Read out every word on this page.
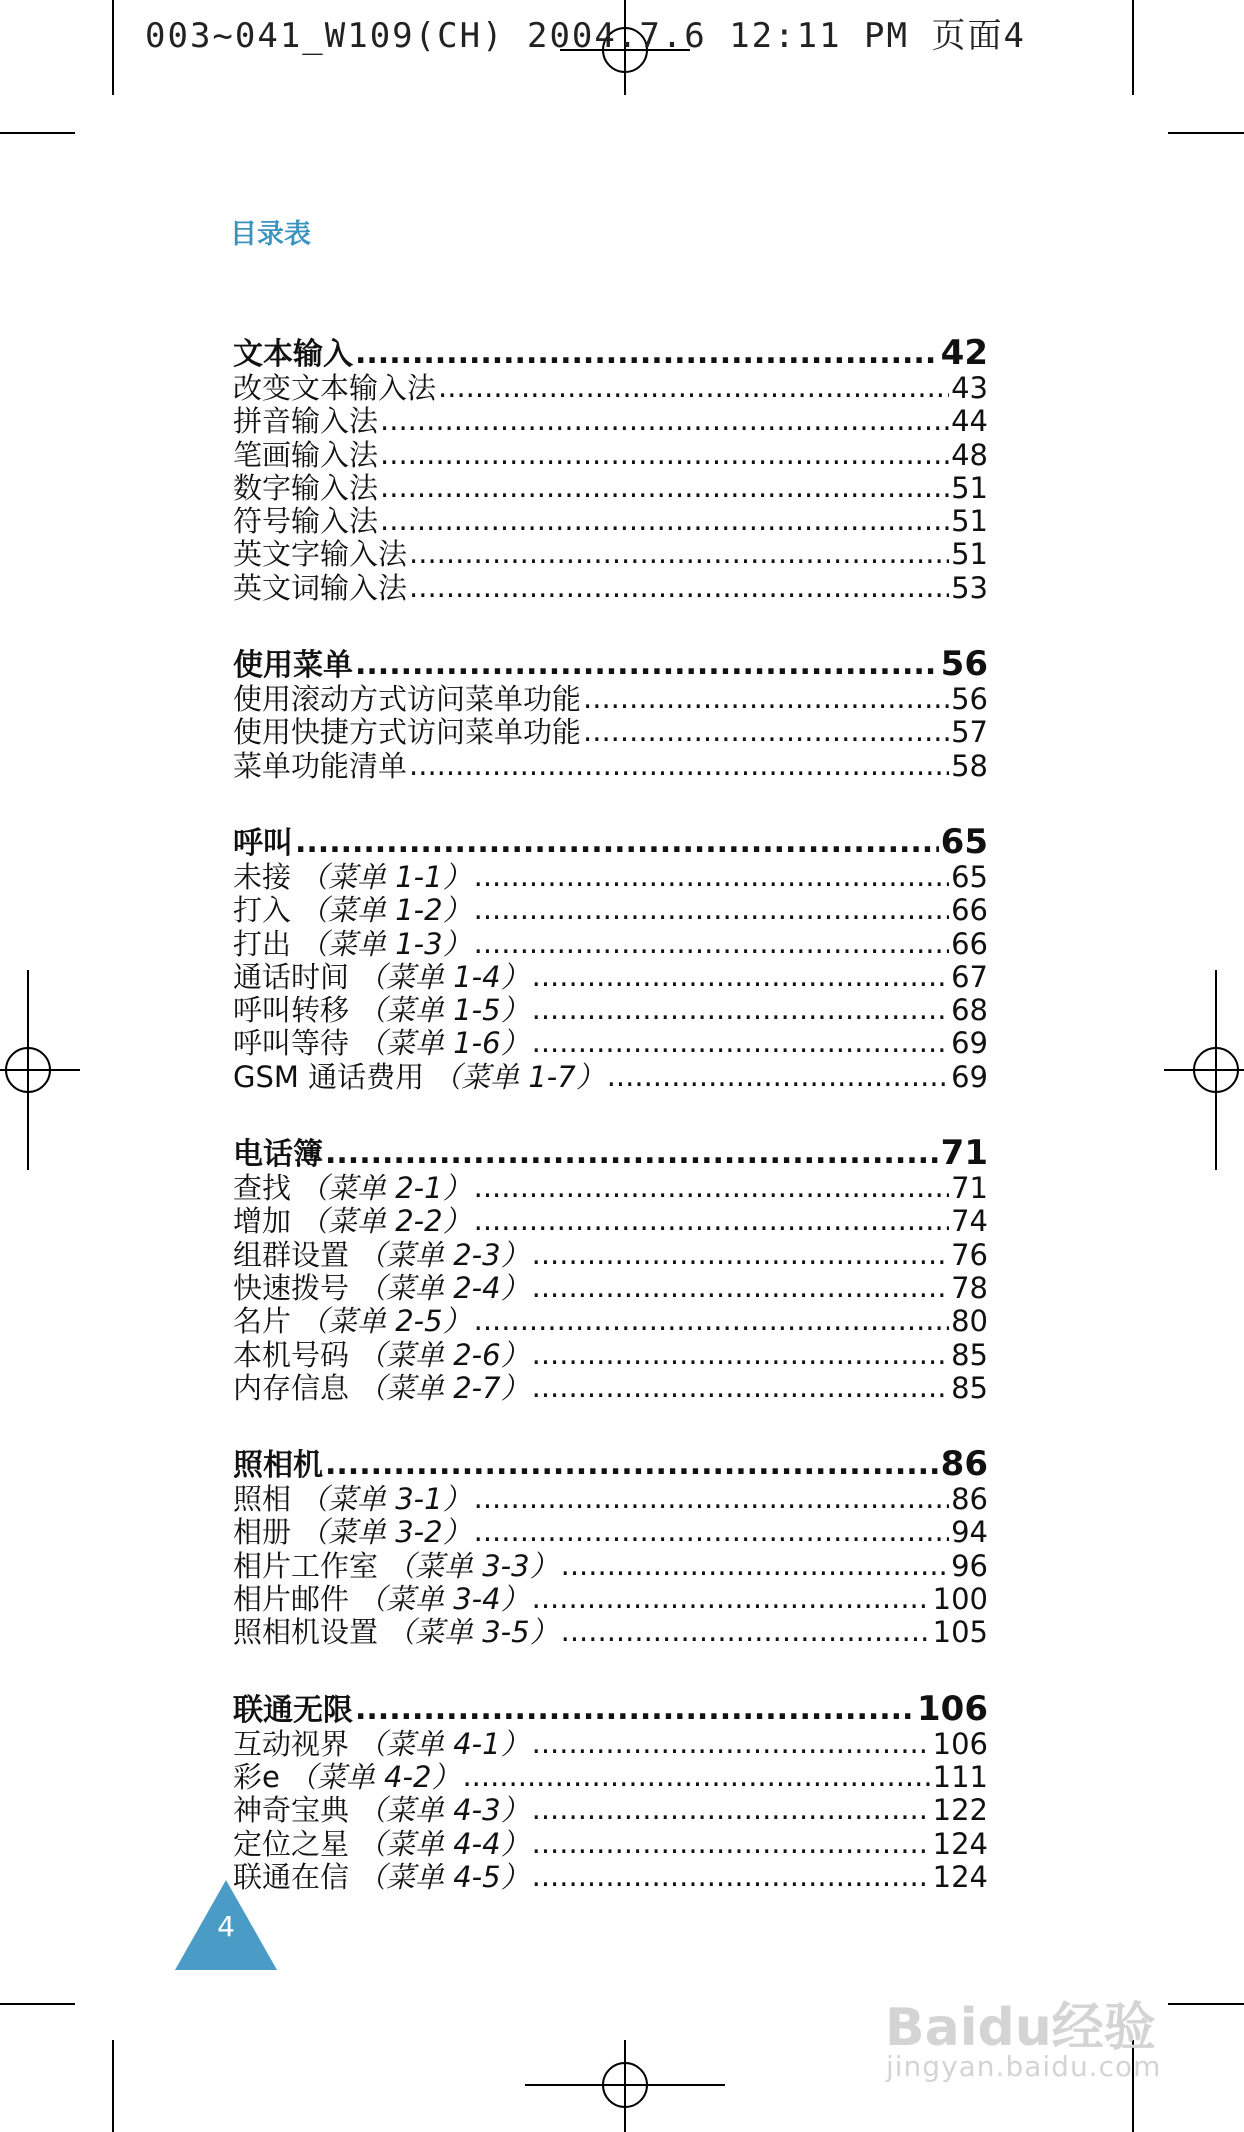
003~041_W109(CH) 2004.7.6 12:11 PM 页面4
目录表
文本输入 .....	42
改变文本输入法 .....	43
拼音输入法 .....	44
笔画输入法 .....	48
数字输入法 .....	51
符号输入法 .....	51
英文字输入法 .....	51
英文词输入法 .....	53
使用菜单 .....	56
使用滚动方式访问菜单功能 .....	56
使用快捷方式访问菜单功能 .....	57
菜单功能清单 .....	58
呼叫 .....	65
未接 （菜单 1-1） .....	65
打入 （菜单 1-2） .....	66
打出 （菜单 1-3） .....	66
通话时间 （菜单 1-4） .....	67
呼叫转移 （菜单 1-5） .....	68
呼叫等待 （菜单 1-6） .....	69
GSM 通话费用 （菜单 1-7） .....	69
电话簿 .....	71
查找 （菜单 2-1） .....	71
增加 （菜单 2-2） .....	74
组群设置 （菜单 2-3） .....	76
快速拨号 （菜单 2-4） .....	78
名片 （菜单 2-5） .....	80
本机号码 （菜单 2-6） .....	85
内存信息 （菜单 2-7） .....	85
照相机 .....	86
照相 （菜单 3-1） .....	86
相册 （菜单 3-2） .....	94
相片工作室 （菜单 3-3） .....	96
相片邮件 （菜单 3-4） .....	100
照相机设置 （菜单 3-5） .....	105
联通无限 .....	106
互动视界 （菜单 4-1） .....	106
彩e （菜单 4-2） .....	111
神奇宝典 （菜单 4-3） .....	122
定位之星 （菜单 4-4） .....	124
联通在信 （菜单 4-5） .....	124
4
Baidu经验
jingyan.baidu.com
